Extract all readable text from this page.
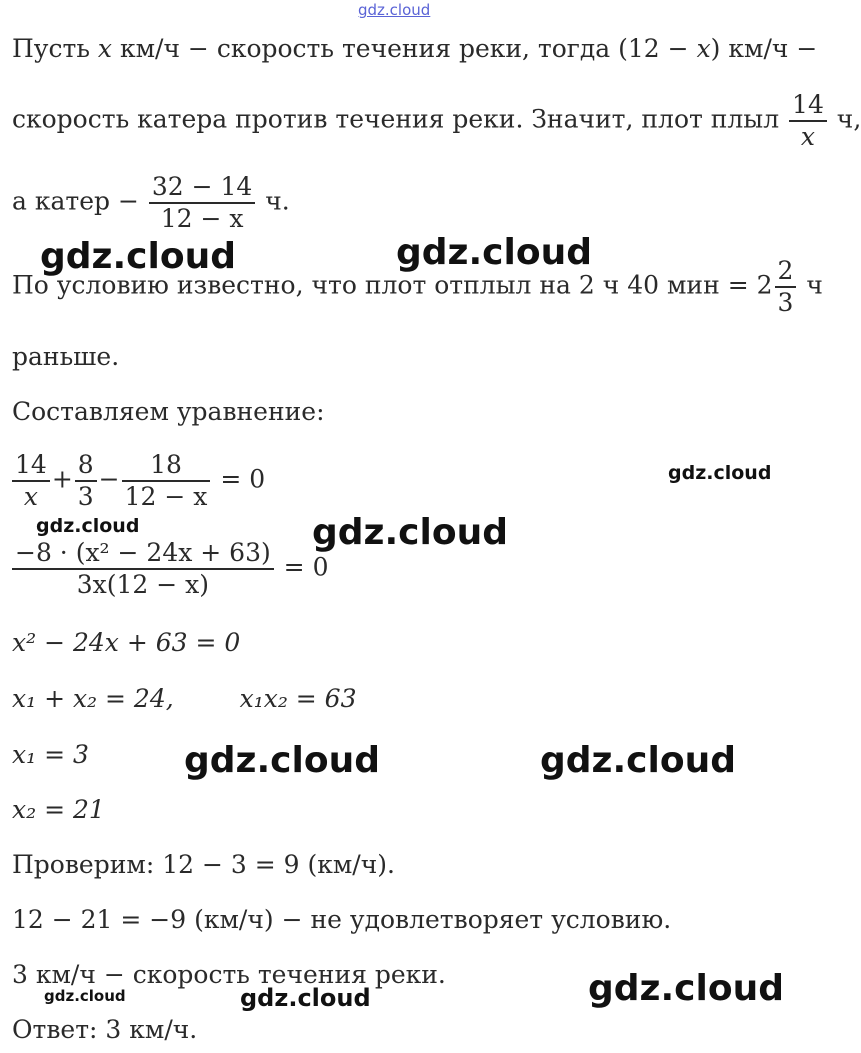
gdz.cloud
gdz.cloud	gdz.cloud
gdz.cloud
gdz.cloud	gdz.cloud
gdz.cloud	gdz.cloud
gdz.cloud	gdz.cloud	gdz.cloud
Пусть x км/ч − скорость течения реки, тогда (12 − x) км/ч −
скорость катера против течения реки. Значит, плот плыл $\frac{14}{x} ч$,
а катер − $\frac{32 - 14}{12 - x} ч$.
По условию известно, что плот отплыл на 2 ч 40 мин = $2 \frac{2}{3}$ ч
раньше.
Составляем уравнение:
$\frac{14}{x} + \frac{8}{3} - \frac{18}{12 - x} = 0$
$\frac{\text{−8 · (x² − 24x + 63)}}{3x(12 - x)} = 0$
x² − 24x + 63 = 0
x₁ + x₂ = 24,	x₁x₂ = 63
x₁ = 3
x₂ = 21
Проверим: 12 − 3 = 9 (км/ч).
12 − 21 = −9 (км/ч) − не удовлетворяет условию.
3 км/ч − скорость течения реки.
Ответ: 3 км/ч.
